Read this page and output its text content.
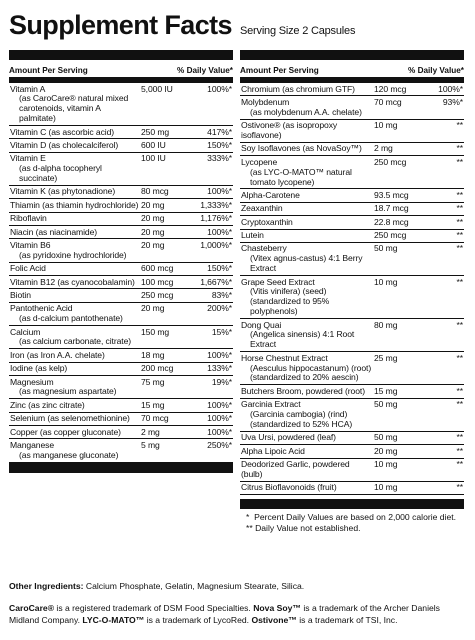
Supplement Facts Serving Size 2 Capsules
Amount Per Serving	% Daily Value*
Vitamin A
(as CaroCare® natural mixed carotenoids, vitamin A palmitate)
5,000 IU	100%*
Vitamin C (as ascorbic acid)	250 mg	417%*
Vitamin D (as cholecalciferol)	600 IU	150%*
Vitamin E
(as d-alpha tocopheryl succinate)
100 IU	333%*
Vitamin K (as phytonadione)	80 mcg	100%*
Thiamin (as thiamin hydrochloride) 20 mg	1,333%*
Riboflavin	20 mg	1,176%*
Niacin (as niacinamide)	20 mg	100%*
Vitamin B6
(as pyridoxine hydrochloride)
20 mg	1,000%*
Folic Acid	600 mcg	150%*
Vitamin B12 (as cyanocobalamin) 100 mcg	1,667%*
Biotin	250 mcg	83%*
Pantothenic Acid
(as d-calcium pantothenate)
20 mg	200%*
Calcium
(as calcium carbonate, citrate)
150 mg	15%*
Iron (as Iron A.A. chelate)	18 mg	100%*
Iodine (as kelp)	200 mcg	133%*
Magnesium
(as magnesium aspartate)
75 mg	19%*
Zinc (as zinc citrate)	15 mg	100%*
Selenium (as selenomethionine)	70 mcg	100%*
Copper (as copper gluconate)	2 mg	100%*
Manganese
(as manganese gluconate)
5 mg	250%*
Amount Per Serving	% Daily Value*
Chromium (as chromium GTF)	120 mcg	100%*
Molybdenum
(as molybdenum A.A. chelate)
70 mcg	93%*
Ostivone® (as isopropoxy isoflavone)
10 mg	**
Soy Isoflavones (as NovaSoy™)	2 mg	**
Lycopene
(as LYC-O-MATO™ natural tomato lycopene)
250 mcg	**
Alpha-Carotene	93.5 mcg	**
Zeaxanthin	18.7 mcg	**
Cryptoxanthin	22.8 mcg	**
Lutein	250 mcg	**
Chasteberry
(Vitex agnus-castus) 4:1 Berry Extract
50 mg	**
Grape Seed Extract
(Vitis vinifera) (seed) (standardized to 95% polyphenols)
10 mg	**
Dong Quai
(Angelica sinensis) 4:1 Root Extract
80 mg	**
Horse Chestnut Extract
(Aesculus hippocastanum) (root) (standardized to 20% aescin)
25 mg	**
Butchers Broom, powdered (root)	15 mg	**
Garcinia Extract
(Garcinia cambogia) (rind) (standardized to 52% HCA)
50 mg	**
Uva Ursi, powdered (leaf)	50 mg	**
Alpha Lipoic Acid	20 mg	**
Deodorized Garlic, powdered (bulb)
10 mg	**
Citrus Bioflavonoids (fruit)	10 mg	**
*  Percent Daily Values are based on 2,000 calorie diet.
** Daily Value not established.
Other Ingredients: Calcium Phosphate, Gelatin, Magnesium Stearate, Silica.
CaroCare® is a registered trademark of DSM Food Specialties. Nova Soy™ is a trademark of the Archer Daniels Midland Company. LYC-O-MATO™ is a trademark of LycoRed. Ostivone™ is a trademark of TSI, Inc.
